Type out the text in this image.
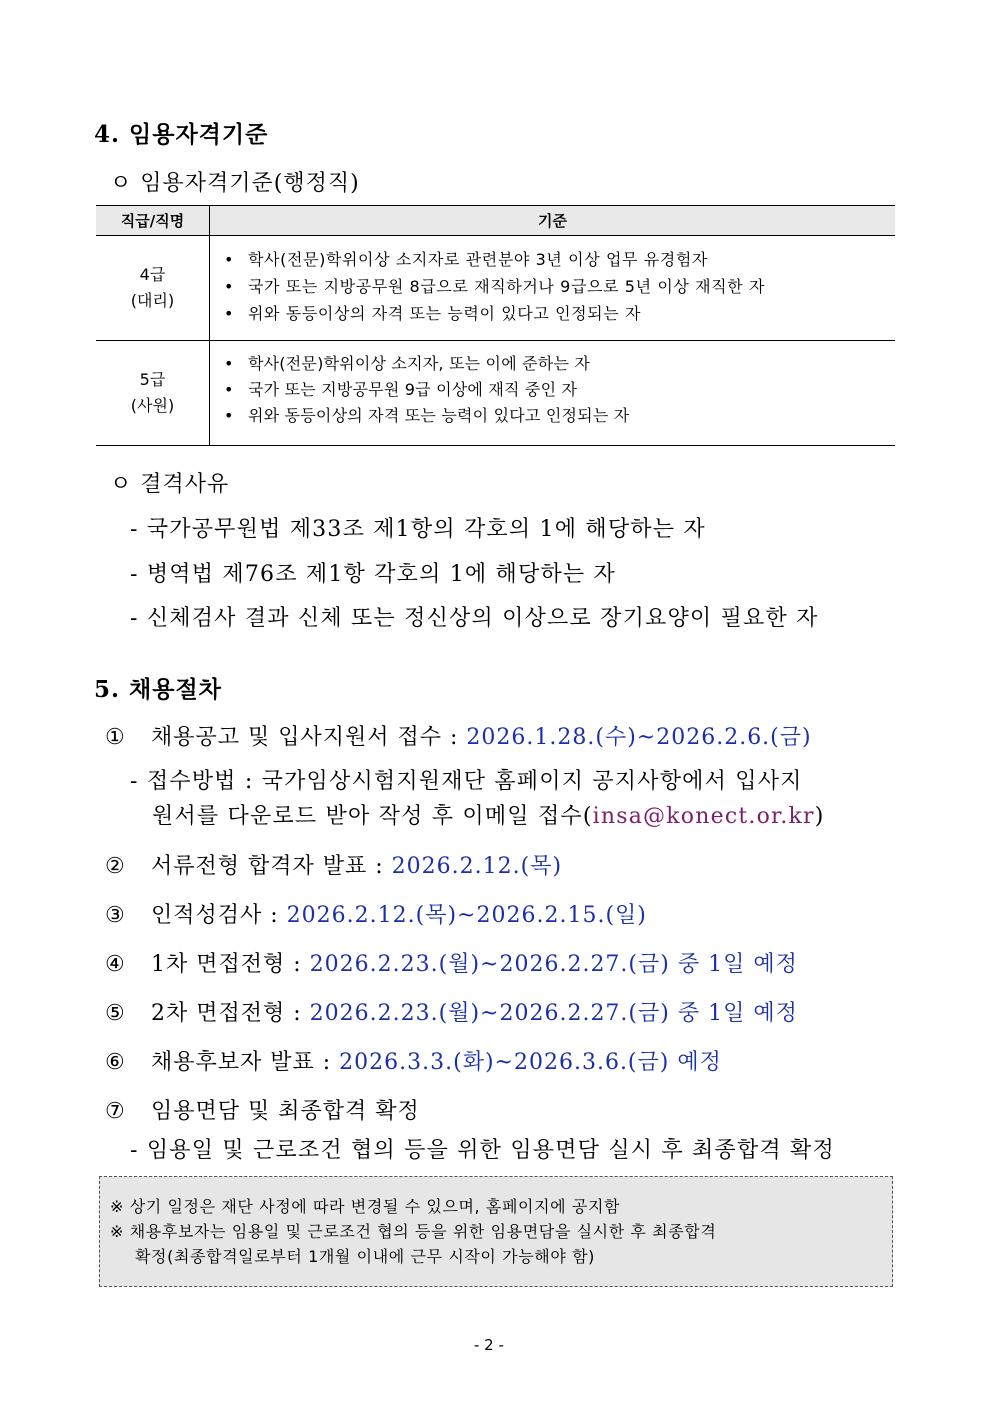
4. 임용자격기준
ㅇ 임용자격기준(행정직)
직급/직명	기준
4급
(대리)
• 학사(전문)학위이상 소지자로 관련분야 3년 이상 업무 유경험자
• 국가 또는 지방공무원 8급으로 재직하거나 9급으로 5년 이상 재직한 자
• 위와 동등이상의 자격 또는 능력이 있다고 인정되는 자
5급
(사원)
• 학사(전문)학위이상 소지자, 또는 이에 준하는 자
• 국가 또는 지방공무원 9급 이상에 재직 중인 자
• 위와 동등이상의 자격 또는 능력이 있다고 인정되는 자
ㅇ 결격사유
- 국가공무원법 제33조 제1항의 각호의 1에 해당하는 자
- 병역법 제76조 제1항 각호의 1에 해당하는 자
- 신체검사 결과 신체 또는 정신상의 이상으로 장기요양이 필요한 자
5. 채용절차
① 채용공고 및 입사지원서 접수 : 2026.1.28.(수)~2026.2.6.(금)
- 접수방법 : 국가임상시험지원재단 홈페이지 공지사항에서 입사지
원서를 다운로드 받아 작성 후 이메일 접수(insa@konect.or.kr)
② 서류전형 합격자 발표 : 2026.2.12.(목)
③ 인적성검사 : 2026.2.12.(목)~2026.2.15.(일)
④ 1차 면접전형 : 2026.2.23.(월)~2026.2.27.(금) 중 1일 예정
⑤ 2차 면접전형 : 2026.2.23.(월)~2026.2.27.(금) 중 1일 예정
⑥ 채용후보자 발표 : 2026.3.3.(화)~2026.3.6.(금) 예정
⑦ 임용면담 및 최종합격 확정
- 임용일 및 근로조건 협의 등을 위한 임용면담 실시 후 최종합격 확정
※ 상기 일정은 재단 사정에 따라 변경될 수 있으며, 홈페이지에 공지함
※ 채용후보자는 임용일 및 근로조건 협의 등을 위한 임용면담을 실시한 후 최종합격
확정(최종합격일로부터 1개월 이내에 근무 시작이 가능해야 함)
- 2 -
